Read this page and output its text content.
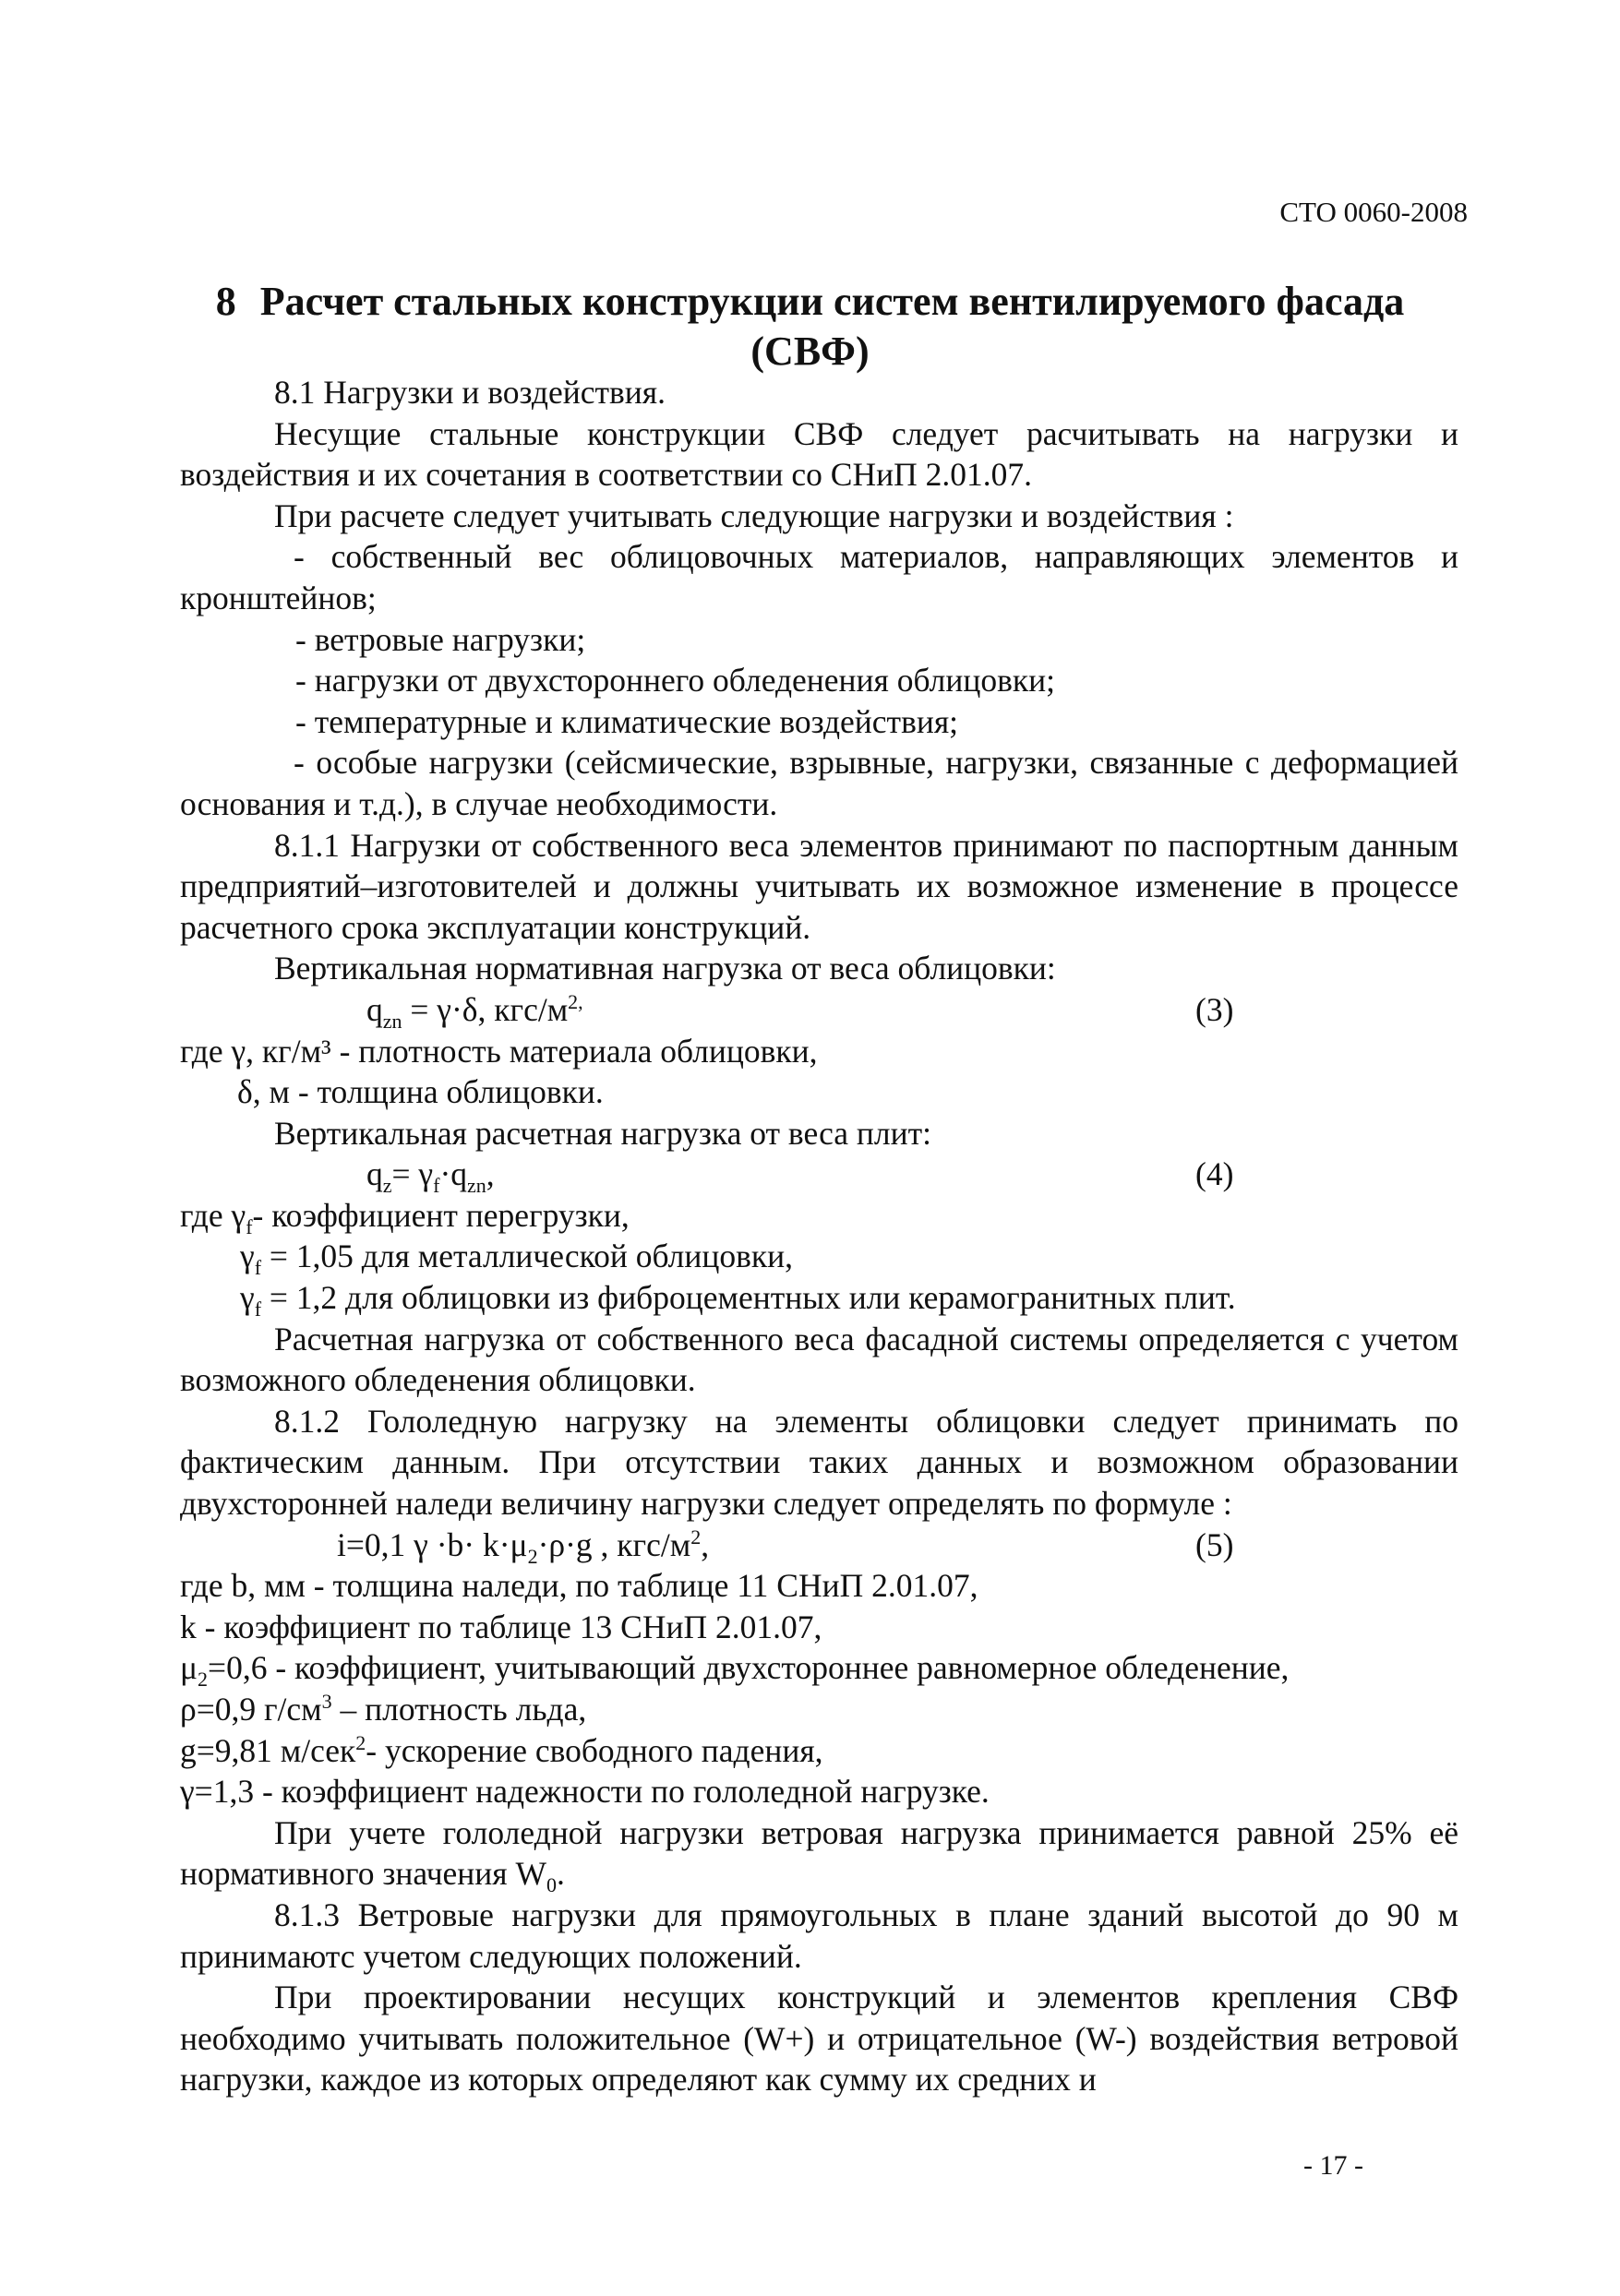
СТО 0060-2008
8 Расчет стальных конструкции систем вентилируемого фасада
(СВФ)

8.1 Нагрузки и воздействия.

Несущие стальные конструкции СВФ следует расчитывать на нагрузки и воздействия и их сочетания в соответствии со СНиП 2.01.07.

При расчете следует учитывать следующие нагрузки и воздействия :

- собственный вес облицовочных материалов, направляющих элементов и кронштейнов;

- ветровые нагрузки;

- нагрузки от двухстороннего обледенения облицовки;

- температурные и климатические воздействия;

- особые нагрузки (сейсмические, взрывные, нагрузки, связанные с деформацией основания и т.д.), в случае необходимости.

8.1.1 Нагрузки от собственного веса элементов принимают по паспортным данным предприятий–изготовителей и должны учитывать их возможное изменение в процессе расчетного срока эксплуатации конструкций.

Вертикальная нормативная нагрузка от веса облицовки:

$q_{zn} = \gamma\cdot\delta$, кгс/$м^{2,}$	(3)

где γ, кг/м³ - плотность материала облицовки,

δ, м - толщина облицовки.

Вертикальная расчетная нагрузка от веса плит:

$q_z= \gamma_f\cdot q_{zn}$,	(4)

где $\gamma_f-$ коэффициент перегрузки,

$\gamma_f = 1,05$ для металлической облицовки,

$\gamma_f = 1,2$ для облицовки из фиброцементных или керамогранитных плит.

Расчетная нагрузка от собственного веса фасадной системы определяется с учетом возможного обледенения облицовки.

8.1.2 Гололедную нагрузку на элементы облицовки следует принимать по фактическим данным. При отсутствии таких данных и возможном образовании двухсторонней наледи величину нагрузки следует определять по формуле :

i=0,1 $\gamma \cdot b\cdot k\cdot\mu_2\cdot\rho\cdot g$ , кгс/$м^2$,	(5)

где b, мм - толщина наледи, по таблице 11 СНиП 2.01.07,

k - коэффициент по таблице 13 СНиП 2.01.07,

$\mu_2=0,6$ - коэффициент, учитывающий двухстороннее равномерное обледенение,

ρ=0,9 $г/см^3$ – плотность льда,

g=9,81 м/сек$^2$- ускорение свободного падения,

γ=1,3 - коэффициент надежности по гололедной нагрузке.

При учете гололедной нагрузки ветровая нагрузка принимается равной 25% её нормативного значения $W_0$.

8.1.3 Ветровые нагрузки для прямоугольных в плане зданий высотой до 90 м принимаютс учетом следующих положений.

При проектировании несущих конструкций и элементов крепления СВФ необходимо учитывать положительное (W+) и отрицательное (W-) воздействия ветровой нагрузки, каждое из которых определяют как сумму их средних и

- 17 -
